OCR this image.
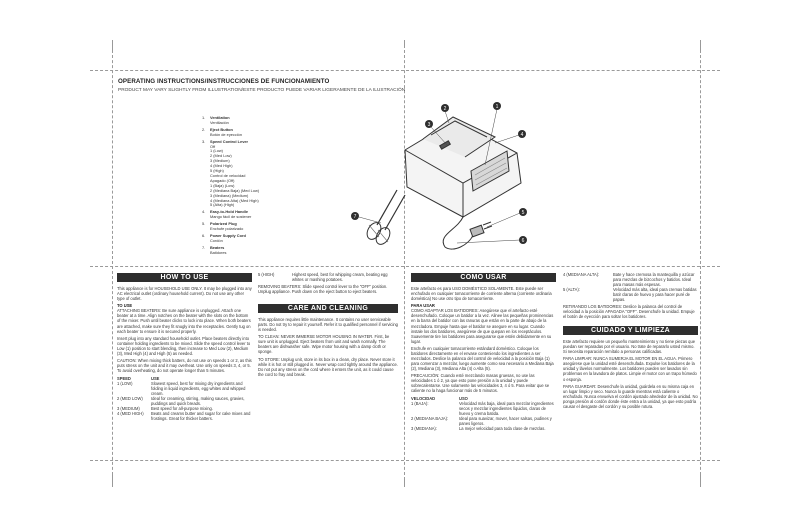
OPERATING INSTRUCTIONS/INSTRUCCIONES DE FUNCIONAMIENTO
PRODUCT MAY VARY SLIGHTLY FROM ILLUSTRATION/ESTE PRODUCTO PUEDE VARIAR LIGERAMENTE DE LA ILUSTRACIÓN
1. Ventilation
Ventilación
2. Eject Button
Botón de eyección
3. Speed Control Lever
Off
1 (Low)
2 (Med Low)
3 (Medium)
4 (Med High)
5 (High)
Control de velocidad
Apagado (Off)
1 (Baja) (Low)
2 (Mediana Baja) (Med Low)
3 (Mediana) (Medium)
4 (Mediana Alta) (Med High)
5 (Alta) (High)
4. Easy-to-Hold Handle
Mango fácil de sostener
5. Polarized Plug
Enchufe polarizado
6. Power Supply Cord
Cordón
7. Beaters
Batidores
1
2
3
4
5
6
7
HOW TO USE

This appliance is for HOUSEHOLD USE ONLY. It may be plugged into any AC electrical outlet (ordinary household current). Do not use any other type of outlet.

TO USE

ATTACHING BEATERS: Be sure appliance is unplugged. Attach one beater at a time. Align notches on the beater with the slots on the bottom of the mixer. Push until beater clicks to lock into place. When both beaters are attached, make sure they fit snugly into the receptacles. Gently tug on each beater to ensure it is secured properly.

Insert plug into any standard household outlet. Place beaters directly into container holding ingredients to be mixed. Slide the speed control lever to Low (1) position to start blending, then increase to Med Low (2), Medium (3), Med High (4) and High (5) as needed.

CAUTION: When mixing thick batters, do not use on speeds 1 or 2, as this puts stress on the unit and it may overheat. Use only on speeds 3, 4, or 5. To avoid overheating, do not operate longer than 5 minutes.

SPEED	USE
1 (LOW)	Slowest speed, best for mixing dry ingredients and folding in liquid ingredients, egg whites and whipped cream.
2 (MED LOW)	Ideal for creaming, stirring, making sauces, gravies, puddings and quick breads.
3 (MEDIUM)	Best speed for all-purpose mixing.
4 (MED HIGH)	Beats and creams butter and sugar for cake mixes and frostings. Great for thicker batters.
5 (HIGH)	Highest speed, best for whipping cream, beating egg whites or mashing potatoes.

REMOVING BEATERS: Slide speed control lever to the "OFF" position. Unplug appliance. Push down on the eject button to eject beaters.

CARE AND CLEANING

This appliance requires little maintenance. It contains no user serviceable parts. Do not try to repair it yourself. Refer it to qualified personnel if servicing is needed.

TO CLEAN: NEVER IMMERSE MOTOR HOUSING IN WATER. First, be sure unit is unplugged. Eject beaters from unit and wash normally. The beaters are dishwasher safe. Wipe motor housing with a damp cloth or sponge.

TO STORE: Unplug unit, store in its box in a clean, dry place. Never store it while it is hot or still plugged in. Never wrap cord tightly around the appliance. Do not put any stress on the cord where it enters the unit, as it could cause the cord to fray and break.

COMO USAR

Este artefacto es para USO DOMÉSTICO SOLAMENTE. Este puede ser enchufado en cualquier tomacorriente de corriente alterna (corriente ordinaria doméstica) No use otro tipo de tomacorriente.

PARA USAR

COMO ADAPTAR LOS BATIDORES: Asegúrese que el artefacto esté desenchufado. Coloque un batidor a la vez. Alinee las pequeñas prominencias en la barra del batidor con las ranuras que están en la parte de abajo de la mezcladora. Empuje hasta que el batidor se asegure en su lugar. Cuando instale los dos batidores, asegúrese de que quepan en los receptáculos. Suavemente tire los batidores para asegurarse que estén debidamente en su lugar.

Enchufe en cualquier tomacorriente estándard doméstico. Coloque los batidores directamente en el envase conteniendo los ingredientes a ser mezclados. Deslice la palanca del control de velocidad a la posición Baja (1) para comenzar a mezclar, luego aumente como sea necesario a Mediana Baja (2), Mediana (3), Mediana Alta (4) o Alta (5).

PRECAUCIÓN: Cuando esté mezclando masas gruesas, no use las velocidades 1 ó 2, ya que esto pone presión a la unidad y puede sobrecalentarse. Use solamente las velocidades 3, 4 ó 5. Para evitar que se caliente no la haga funcionar más de 5 minutos.

VELOCIDAD	USO
1 (BAJA):	Velocidad más baja, ideal para mezclar ingredientes secos y mezclar ingredientes líquidos, claras de huevo y crema batida.
2 (MEDIANA BAJA):	Ideal para suavizar, mover, hacer salsas, pudines y panes ligeros.
3 (MEDIANA):	La mejor velocidad para toda clase de mezclas.
4 (MEDIANA ALTA):	Bate y hace cremosa la mantequilla y azúcar para mezclas de bizcochos y batidos. Ideal para masas más espesas.
5 (ALTA):	Velocidad más alta, ideal para cremas batidas batir claras de huevo y para hacer puré de papas.

RETIRANDO LOS BATIDORES: Deslice la palanca del control de velocidad a la posición APAGADA "OFF". Desenchufe la unidad. Empuje el botón de eyección para soltar los batidores.

CUIDADO Y LIMPIEZA

Este artefacto requiere un pequeño mantenimiento y no tiene piezas que puedan ser reparadas por el usuario. No trate de repararlo usted mismo. Si necesita reparación remítalo a personas calificadas.

PARA LIMPIAR: NUNCA SUMERJA EL MOTOR EN EL AGUA. Primero asegúrese que la unidad esté desenchufada. Expulse los batidores de la unidad y lávelos normalmente. Los batidores pueden ser lavados sin problemas en la lavadora de platos. Limpie el motor con un trapo húmedo o esponja.

PARA GUARDAR: Desenchufe la unidad, guárdela en su misma caja en un lugar limpio y seco. Nunca lo guarde mientras está caliente o enchufado. Nunca envuelva el cordón ajustado alrededor de la unidad. No ponga presión al cordón donde éste entra a la unidad, ya que esto podría causar el desgaste del cordón y su posible rotura.
